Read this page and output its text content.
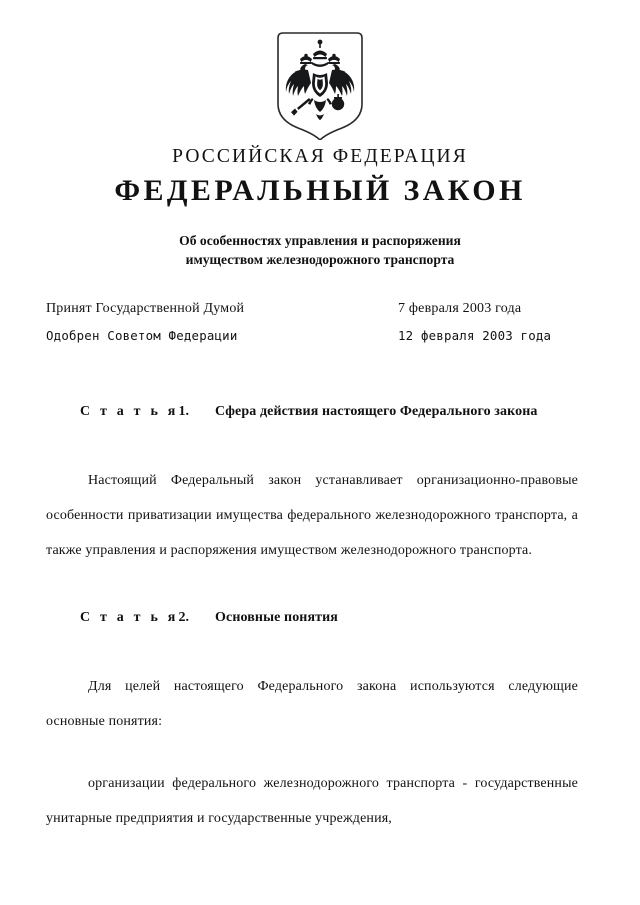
РОССИЙСКАЯ ФЕДЕРАЦИЯ
ФЕДЕРАЛЬНЫЙ ЗАКОН
Об особенностях управления и распоряжения
имуществом железнодорожного транспорта
Принят Государственной Думой	7 февраля 2003 года
Одобрен Советом Федерации	12 февраля 2003 года
С т а т ь я1. Сфера действия настоящего Федерального закона

Настоящий Федеральный закон устанавливает организационно-правовые особенности приватизации имущества федерального железнодорожного транспорта, а также управления и распоряжения имуществом железнодорожного транспорта.

С т а т ь я2. Основные понятия

Для целей настоящего Федерального закона используются следующие основные понятия:

организации федерального железнодорожного транспорта - государственные унитарные предприятия и государственные учреждения,
